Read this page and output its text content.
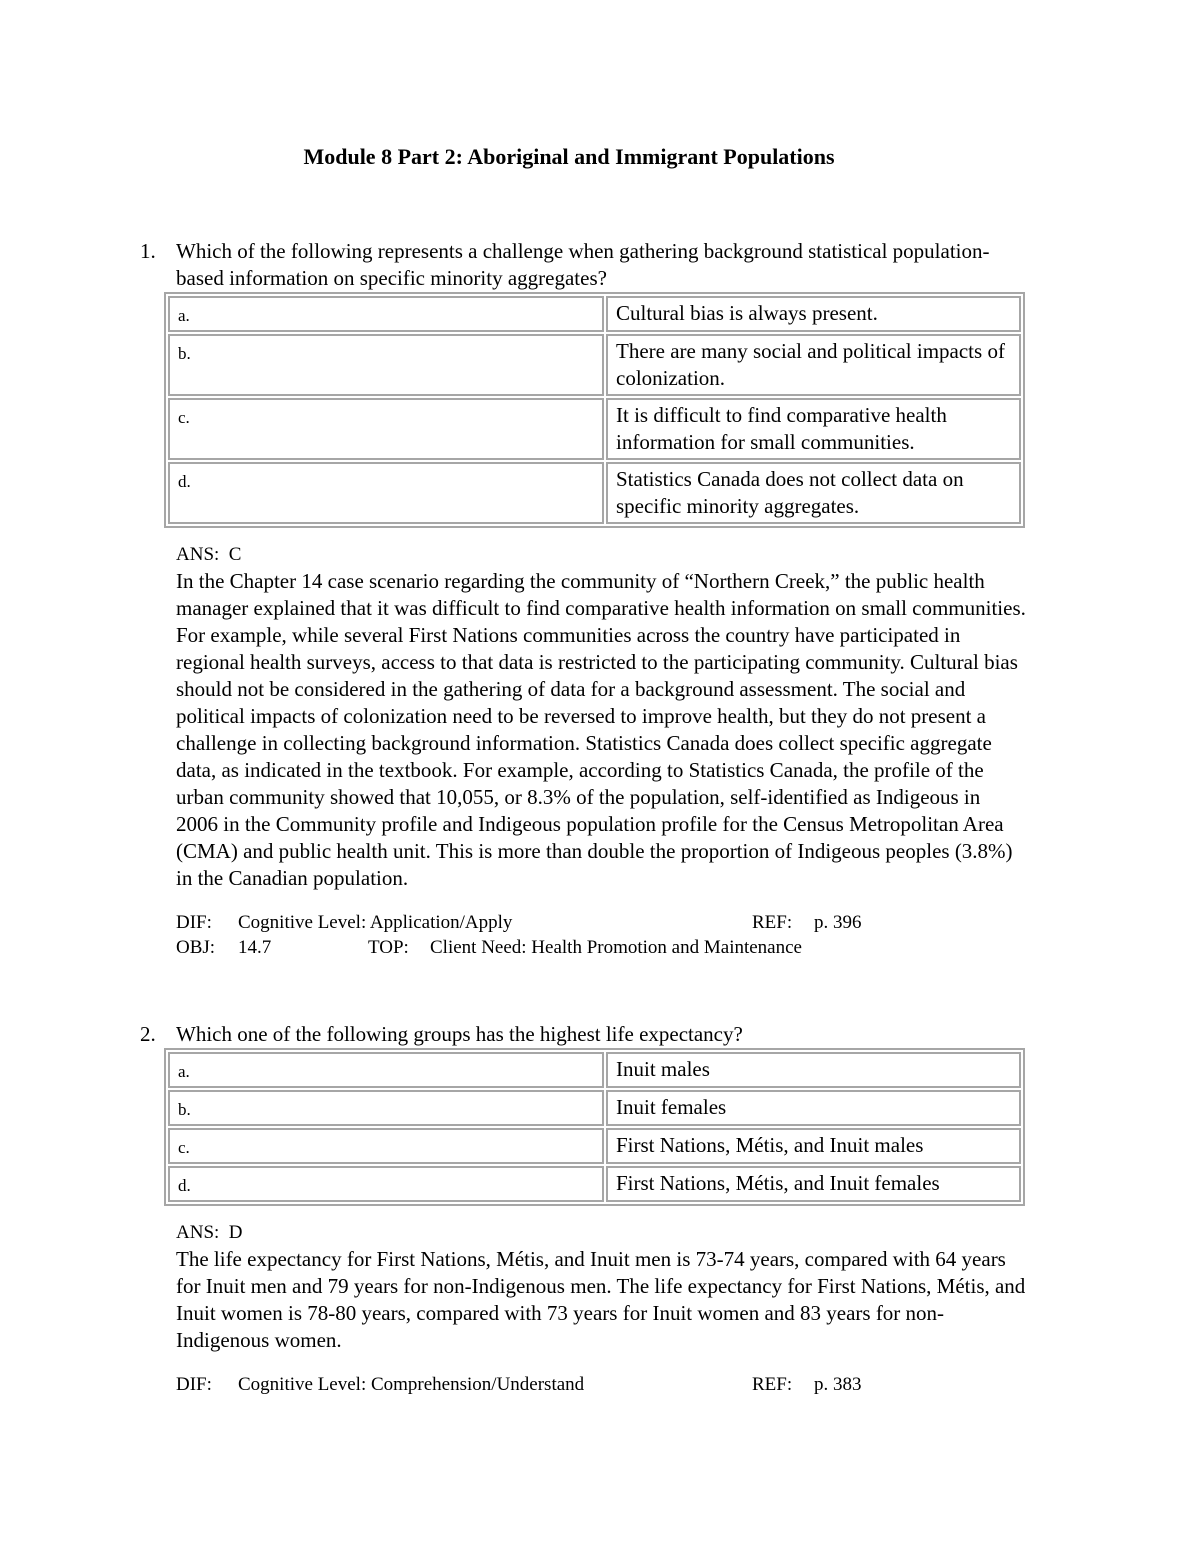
Module 8 Part 2: Aboriginal and Immigrant Populations
1. Which of the following represents a challenge when gathering background statistical population-based information on specific minority aggregates?
a.	Cultural bias is always present.
b.	There are many social and political impacts of colonization.
c.	It is difficult to find comparative health information for small communities.
d.	Statistics Canada does not collect data on specific minority aggregates.
ANS:  C
In the Chapter 14 case scenario regarding the community of “Northern Creek,” the public health manager explained that it was difficult to find comparative health information on small communities. For example, while several First Nations communities across the country have participated in regional health surveys, access to that data is restricted to the participating community. Cultural bias should not be considered in the gathering of data for a background assessment. The social and political impacts of colonization need to be reversed to improve health, but they do not present a challenge in collecting background information. Statistics Canada does collect specific aggregate data, as indicated in the textbook. For example, according to Statistics Canada, the profile of the urban community showed that 10,055, or 8.3% of the population, self-identified as Indigeous in 2006 in the Community profile and Indigeous population profile for the Census Metropolitan Area (CMA) and public health unit. This is more than double the proportion of Indigeous peoples (3.8%) in the Canadian population.
DIF: Cognitive Level: Application/Apply	REF: p. 396
OBJ: 14.7	TOP: Client Need: Health Promotion and Maintenance
2. Which one of the following groups has the highest life expectancy?
a.	Inuit males
b.	Inuit females
c.	First Nations, Métis, and Inuit males
d.	First Nations, Métis, and Inuit females
ANS:  D
The life expectancy for First Nations, Métis, and Inuit men is 73-74 years, compared with 64 years for Inuit men and 79 years for non-Indigenous men. The life expectancy for First Nations, Métis, and Inuit women is 78-80 years, compared with 73 years for Inuit women and 83 years for non-Indigenous women.
DIF: Cognitive Level: Comprehension/Understand	REF: p. 383
